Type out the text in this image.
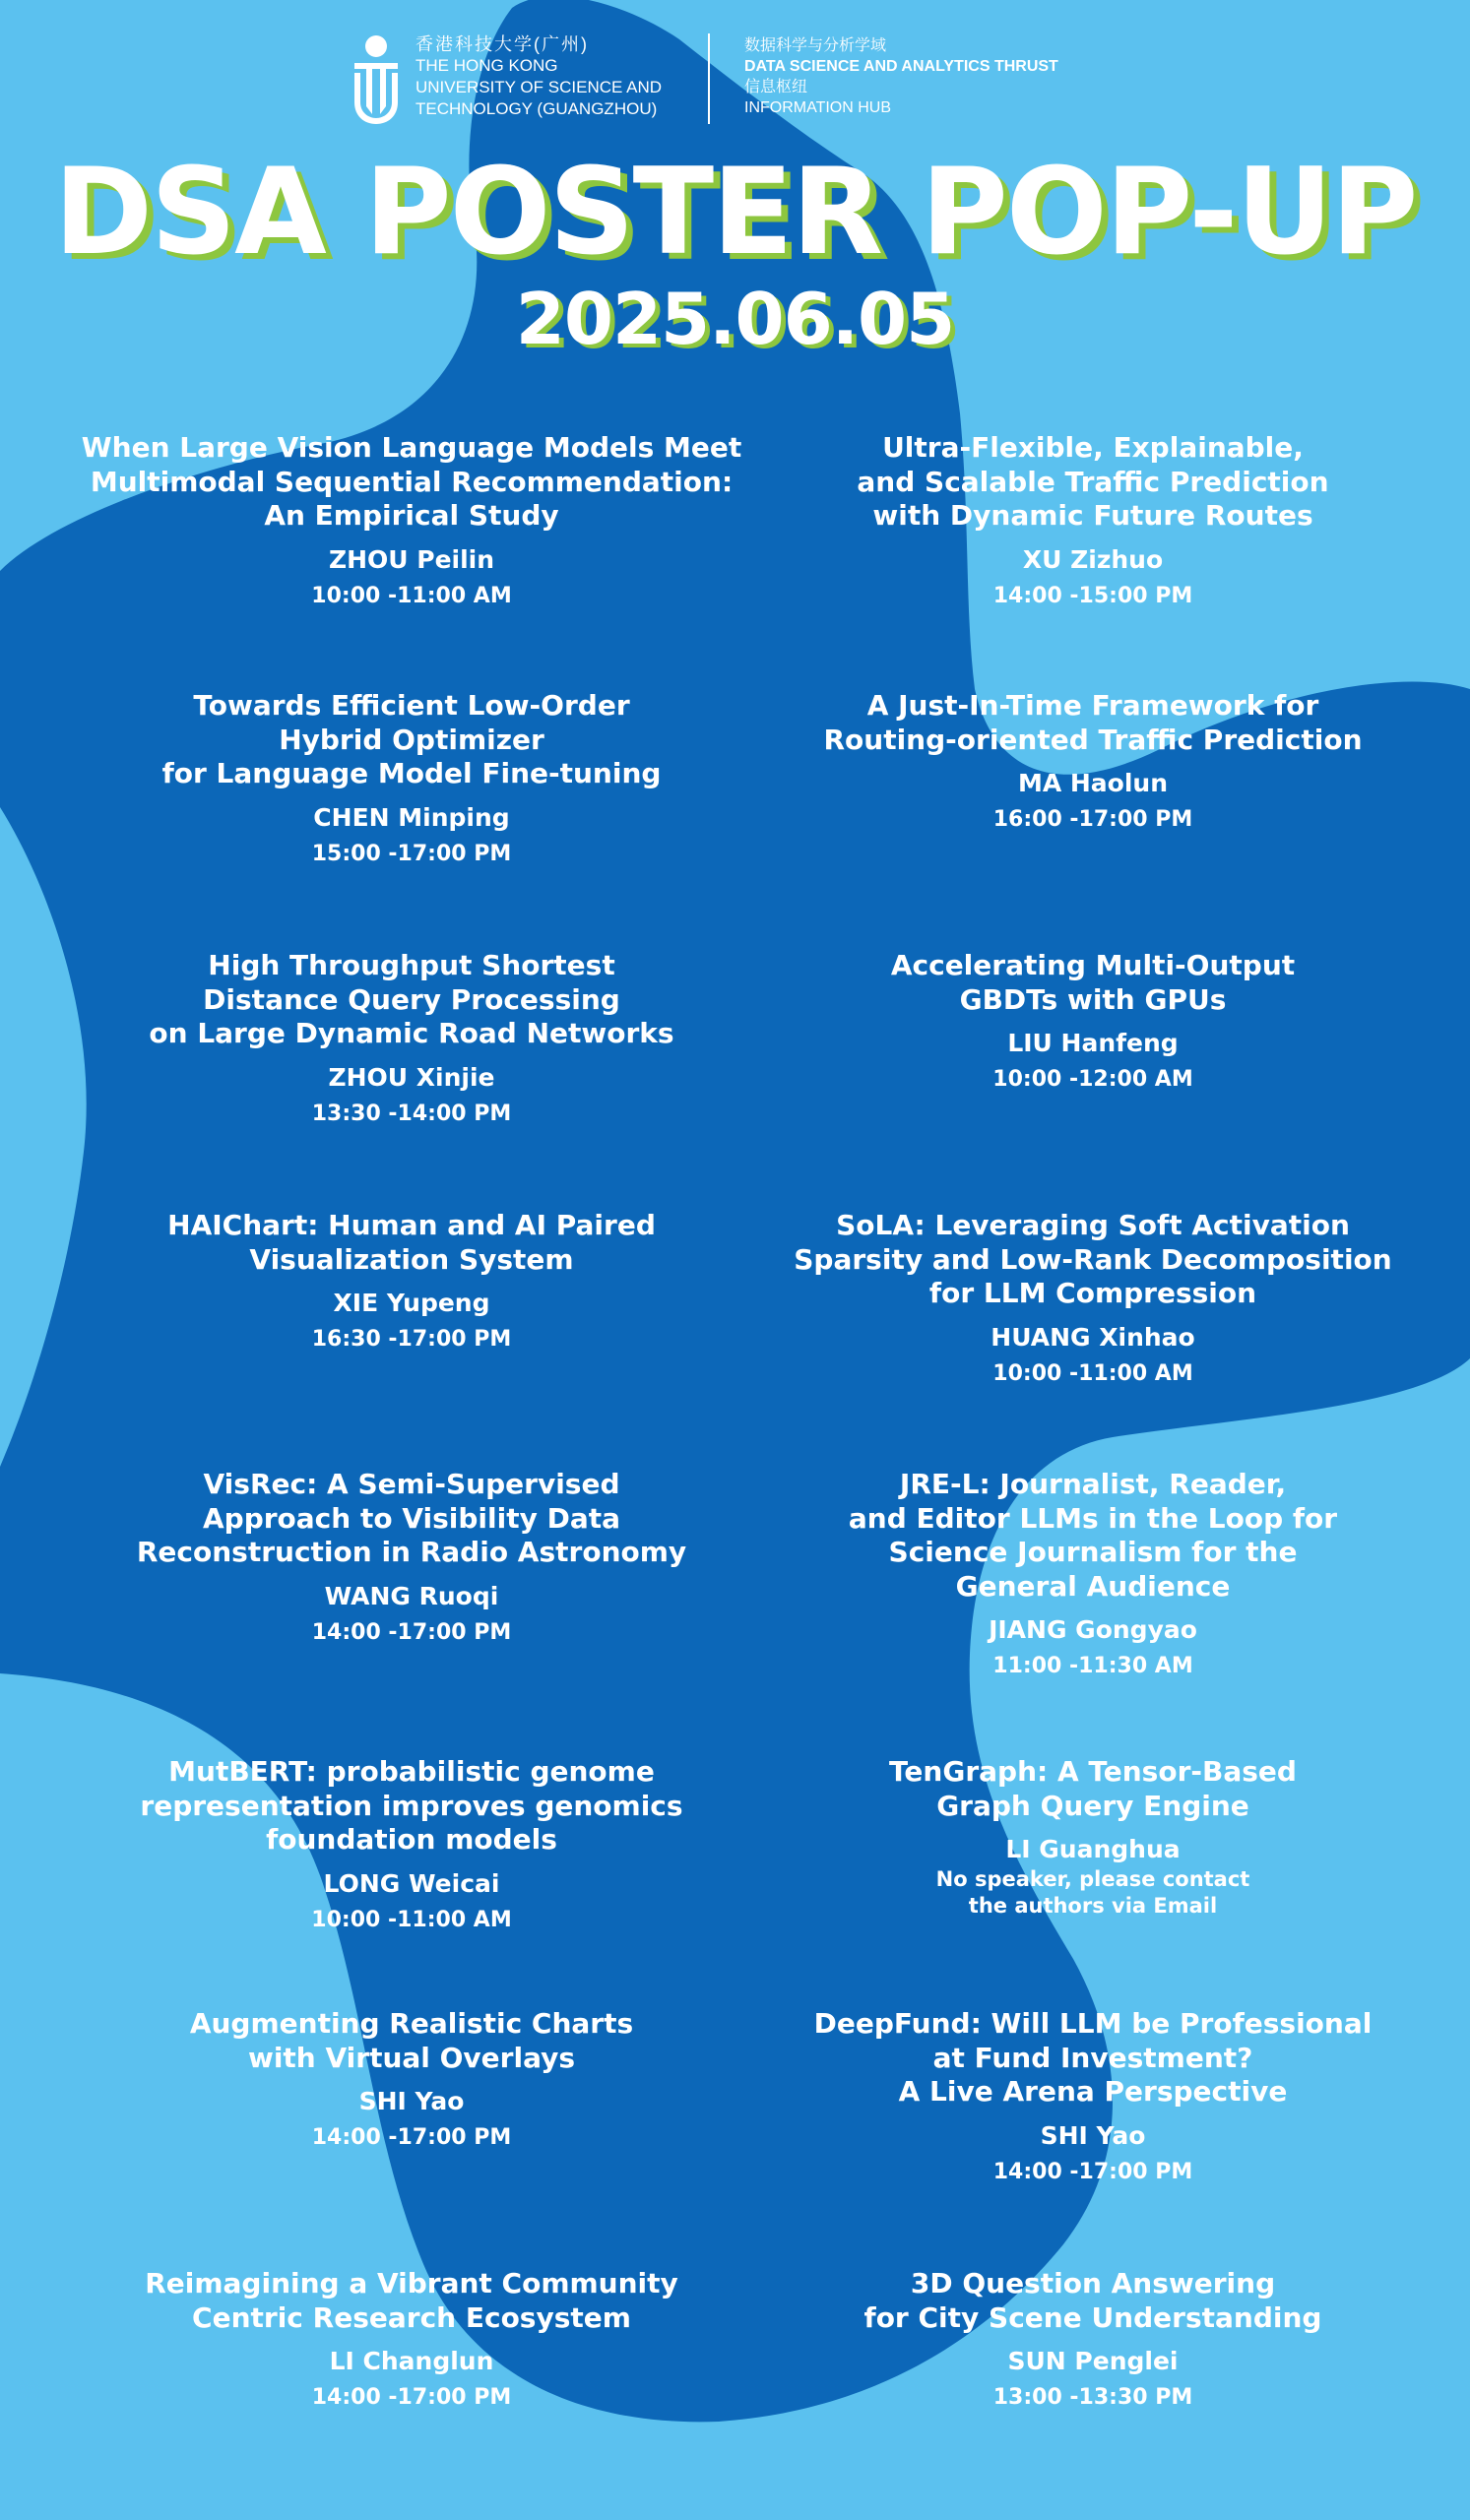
香港科技大学(广州)
THE HONG KONG
UNIVERSITY OF SCIENCE AND
TECHNOLOGY (GUANGZHOU)
数据科学与分析学域
DATA SCIENCE AND ANALYTICS THRUST
信息枢纽
INFORMATION HUB
DSA POSTER POP-UP
2025.06.05
When Large Vision Language Models Meet
Multimodal Sequential Recommendation:
An Empirical Study
ZHOU Peilin
10:00 -11:00 AM
Towards Efficient Low-Order
Hybrid Optimizer
for Language Model Fine-tuning
CHEN Minping
15:00 -17:00 PM
High Throughput Shortest
Distance Query Processing
on Large Dynamic Road Networks
ZHOU Xinjie
13:30 -14:00 PM
HAIChart: Human and AI Paired
Visualization System
XIE Yupeng
16:30 -17:00 PM
VisRec: A Semi-Supervised
Approach to Visibility Data
Reconstruction in Radio Astronomy
WANG Ruoqi
14:00 -17:00 PM
MutBERT: probabilistic genome
representation improves genomics
foundation models
LONG Weicai
10:00 -11:00 AM
Augmenting Realistic Charts
with Virtual Overlays
SHI Yao
14:00 -17:00 PM
Reimagining a Vibrant Community
Centric Research Ecosystem
LI Changlun
14:00 -17:00 PM
Ultra-Flexible, Explainable,
and Scalable Traffic Prediction
with Dynamic Future Routes
XU Zizhuo
14:00 -15:00 PM
A Just-In-Time Framework for
Routing-oriented Traffic Prediction
MA Haolun
16:00 -17:00 PM
Accelerating Multi-Output
GBDTs with GPUs
LIU Hanfeng
10:00 -12:00 AM
SoLA: Leveraging Soft Activation
Sparsity and Low-Rank Decomposition
for LLM Compression
HUANG Xinhao
10:00 -11:00 AM
JRE-L: Journalist, Reader,
and Editor LLMs in the Loop for
Science Journalism for the
General Audience
JIANG Gongyao
11:00 -11:30 AM
TenGraph: A Tensor-Based
Graph Query Engine
LI Guanghua
No speaker, please contact
the authors via Email
DeepFund: Will LLM be Professional
at Fund Investment?
A Live Arena Perspective
SHI Yao
14:00 -17:00 PM
3D Question Answering
for City Scene Understanding
SUN Penglei
13:00 -13:30 PM
